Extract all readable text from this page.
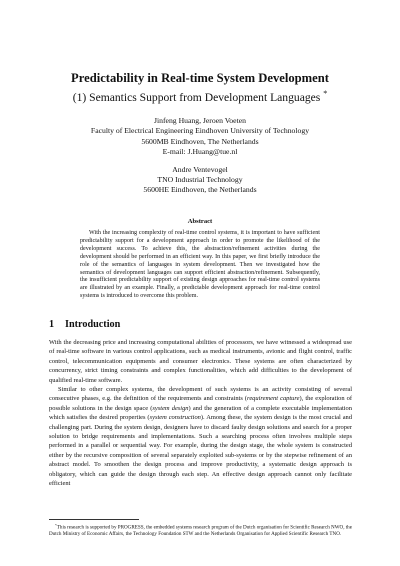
Predictability in Real-time System Development
(1) Semantics Support from Development Languages *
Jinfeng Huang, Jeroen Voeten
Faculty of Electrical Engineering Eindhoven University of Technology
5600MB Eindhoven, The Netherlands
E-mail: J.Huang@tue.nl
Andre Ventevogel
TNO Industrial Technology
5600HE Eindhoven, the Netherlands
Abstract

With the increasing complexity of real-time control systems, it is important to have sufficient predictability support for a development approach in order to promote the likelihood of the development success. To achieve this, the abstraction/refinement activities during the development should be performed in an efficient way. In this paper, we first briefly introduce the role of the semantics of languages in system development. Then we investigated how the semantics of development languages can support efficient abstraction/refinement. Subsequently, the insufficient predictability support of existing design approaches for real-time control systems are illustrated by an example. Finally, a predictable development approach for real-time control systems is introduced to overcome this problem.

1 Introduction

With the decreasing price and increasing computational abilities of processors, we have witnessed a widespread use of real-time software in various control applications, such as medical instruments, avionic and flight control, traffic control, telecommunication equipments and consumer electronics. These systems are often characterized by concurrency, strict timing constraints and complex functionalities, which add difficulties to the development of qualified real-time software.

Similar to other complex systems, the development of such systems is an activity consisting of several consecutive phases, e.g. the definition of the requirements and constraints (requirement capture), the exploration of possible solutions in the design space (system design) and the generation of a complete executable implementation which satisfies the desired properties (system construction). Among these, the system design is the most crucial and challenging part. During the system design, designers have to discard faulty design solutions and search for a proper solution to bridge requirements and implementations. Such a searching process often involves multiple steps performed in a parallel or sequential way. For example, during the design stage, the whole system is constructed either by the recursive composition of several separately exploited sub-systems or by the stepwise refinement of an abstract model. To smoothen the design process and improve productivity, a systematic design approach is obligatory, which can guide the design through each step. An effective design approach cannot only facilitate efficient

*This research is supported by PROGRESS, the embedded systems research program of the Dutch organisation for Scientific Research NWO, the Dutch Ministry of Economic Affairs, the Technology Foundation STW and the Netherlands Organisation for Applied Scientific Research TNO.
